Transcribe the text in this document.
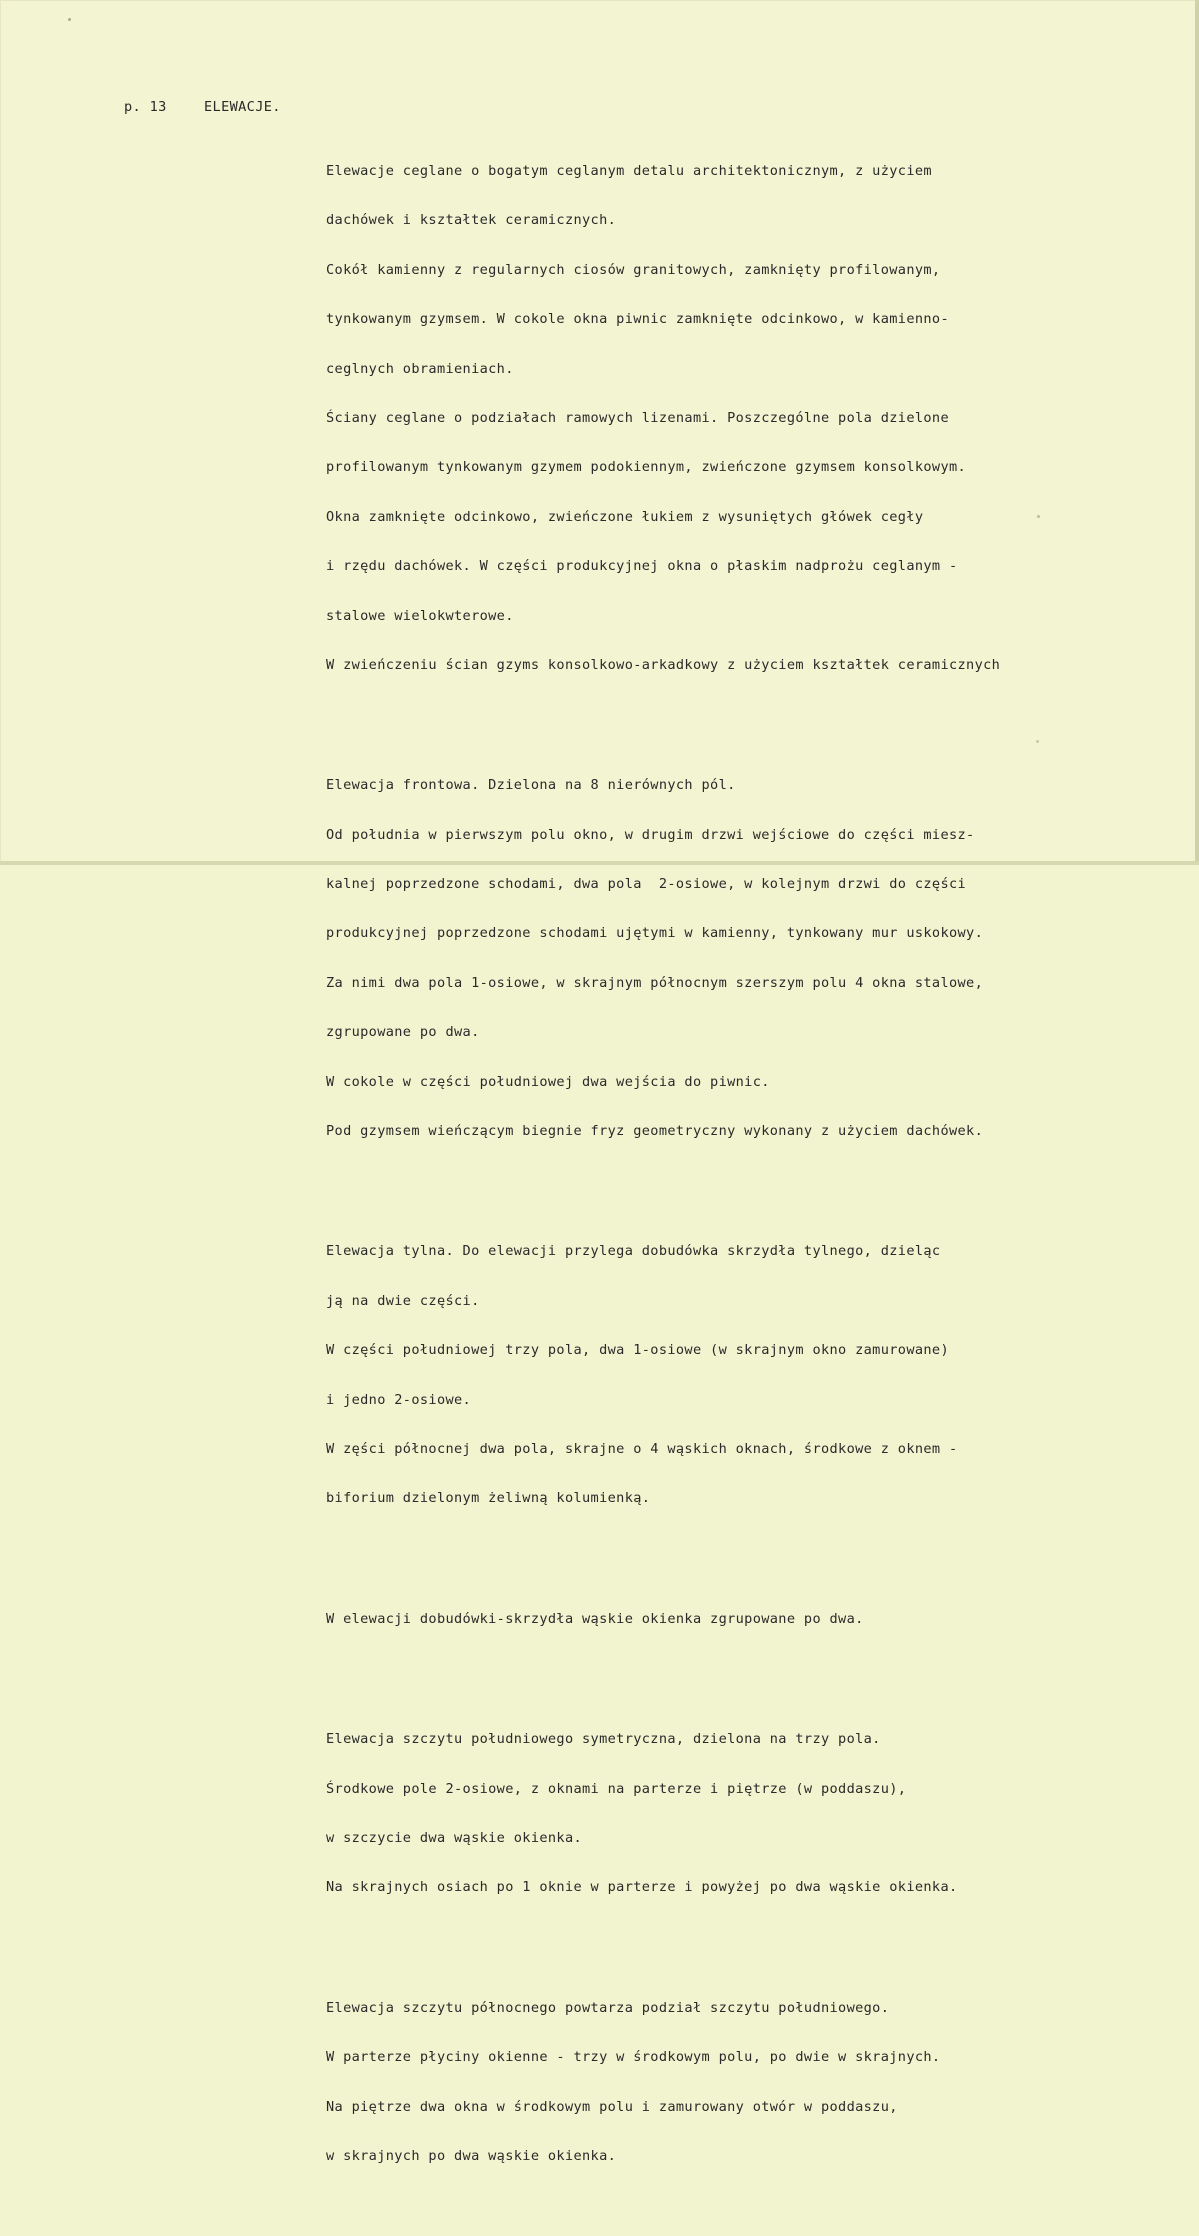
p. 13	ELEWACJE.

Elewacje ceglane o bogatym ceglanym detalu architektonicznym, z użyciem

dachówek i kształtek ceramicznych.

Cokół kamienny z regularnych ciosów granitowych, zamknięty profilowanym,

tynkowanym gzymsem. W cokole okna piwnic zamknięte odcinkowo, w kamienno-

ceglnych obramieniach.

Ściany ceglane o podziałach ramowych lizenami. Poszczególne pola dzielone

profilowanym tynkowanym gzymem podokiennym, zwieńczone gzymsem konsolkowym.

Okna zamknięte odcinkowo, zwieńczone łukiem z wysuniętych główek cegły

i rzędu dachówek. W części produkcyjnej okna o płaskim nadprożu ceglanym -

stalowe wielokwterowe.

W zwieńczeniu ścian gzyms konsolkowo-arkadkowy z użyciem kształtek ceramicznych

Elewacja frontowa. Dzielona na 8 nierównych pól.

Od południa w pierwszym polu okno, w drugim drzwi wejściowe do części miesz-

kalnej poprzedzone schodami, dwa pola  2-osiowe, w kolejnym drzwi do części

produkcyjnej poprzedzone schodami ujętymi w kamienny, tynkowany mur uskokowy.

Za nimi dwa pola 1-osiowe, w skrajnym północnym szerszym polu 4 okna stalowe,

zgrupowane po dwa.

W cokole w części południowej dwa wejścia do piwnic.

Pod gzymsem wieńczącym biegnie fryz geometryczny wykonany z użyciem dachówek.

Elewacja tylna. Do elewacji przylega dobudówka skrzydła tylnego, dzieląc

ją na dwie części.

W części południowej trzy pola, dwa 1-osiowe (w skrajnym okno zamurowane)

i jedno 2-osiowe.

W zęści północnej dwa pola, skrajne o 4 wąskich oknach, środkowe z oknem -

biforium dzielonym żeliwną kolumienką.

W elewacji dobudówki-skrzydła wąskie okienka zgrupowane po dwa.

Elewacja szczytu południowego symetryczna, dzielona na trzy pola.

Środkowe pole 2-osiowe, z oknami na parterze i piętrze (w poddaszu),

w szczycie dwa wąskie okienka.

Na skrajnych osiach po 1 oknie w parterze i powyżej po dwa wąskie okienka.

Elewacja szczytu północnego powtarza podział szczytu południowego.

W parterze płyciny okienne - trzy w środkowym polu, po dwie w skrajnych.

Na piętrze dwa okna w środkowym polu i zamurowany otwór w poddaszu,

w skrajnych po dwa wąskie okienka.
